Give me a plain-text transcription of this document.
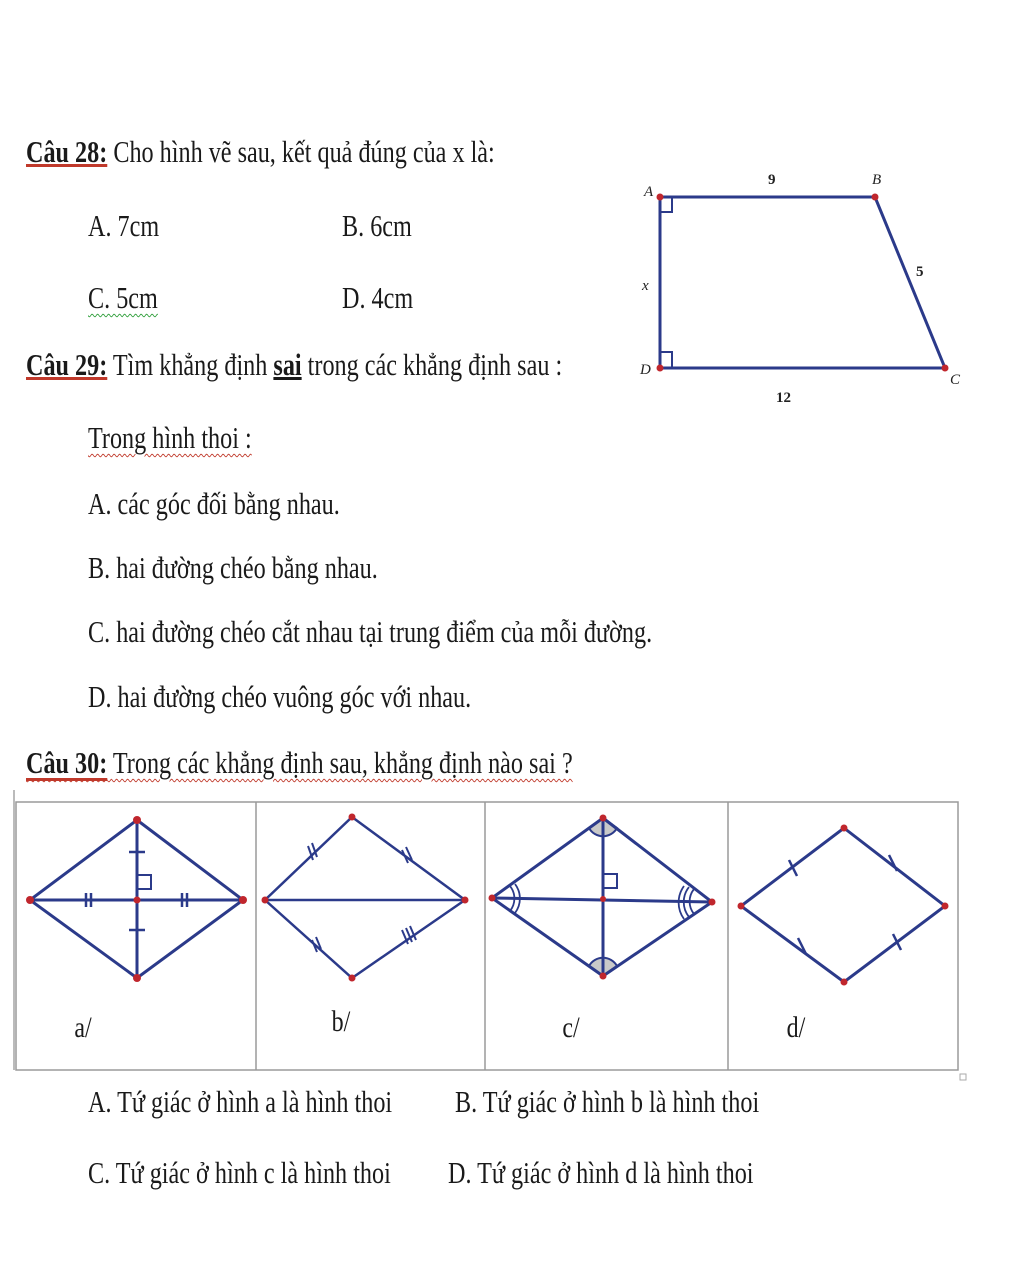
Câu 28: Cho hình vẽ sau, kết quả đúng của x là:
A. 7cm	B. 6cm
C. 5cm	D. 4cm
A
B
C
D
9
5
x
12
Câu 29: Tìm khẳng định sai trong các khẳng định sau :
Trong hình thoi :
A. các góc đối bằng nhau.
B. hai đường chéo bằng nhau.
C. hai đường chéo cắt nhau tại trung điểm của mỗi đường.
D. hai đường chéo vuông góc với nhau.
Câu 30: Trong các khẳng định sau, khẳng định nào sai ?
a/	b/	c/	d/
A. Tứ giác ở hình a là hình thoi B. Tứ giác ở hình b là hình thoi
C. Tứ giác ở hình c là hình thoi D. Tứ giác ở hình d là hình thoi
